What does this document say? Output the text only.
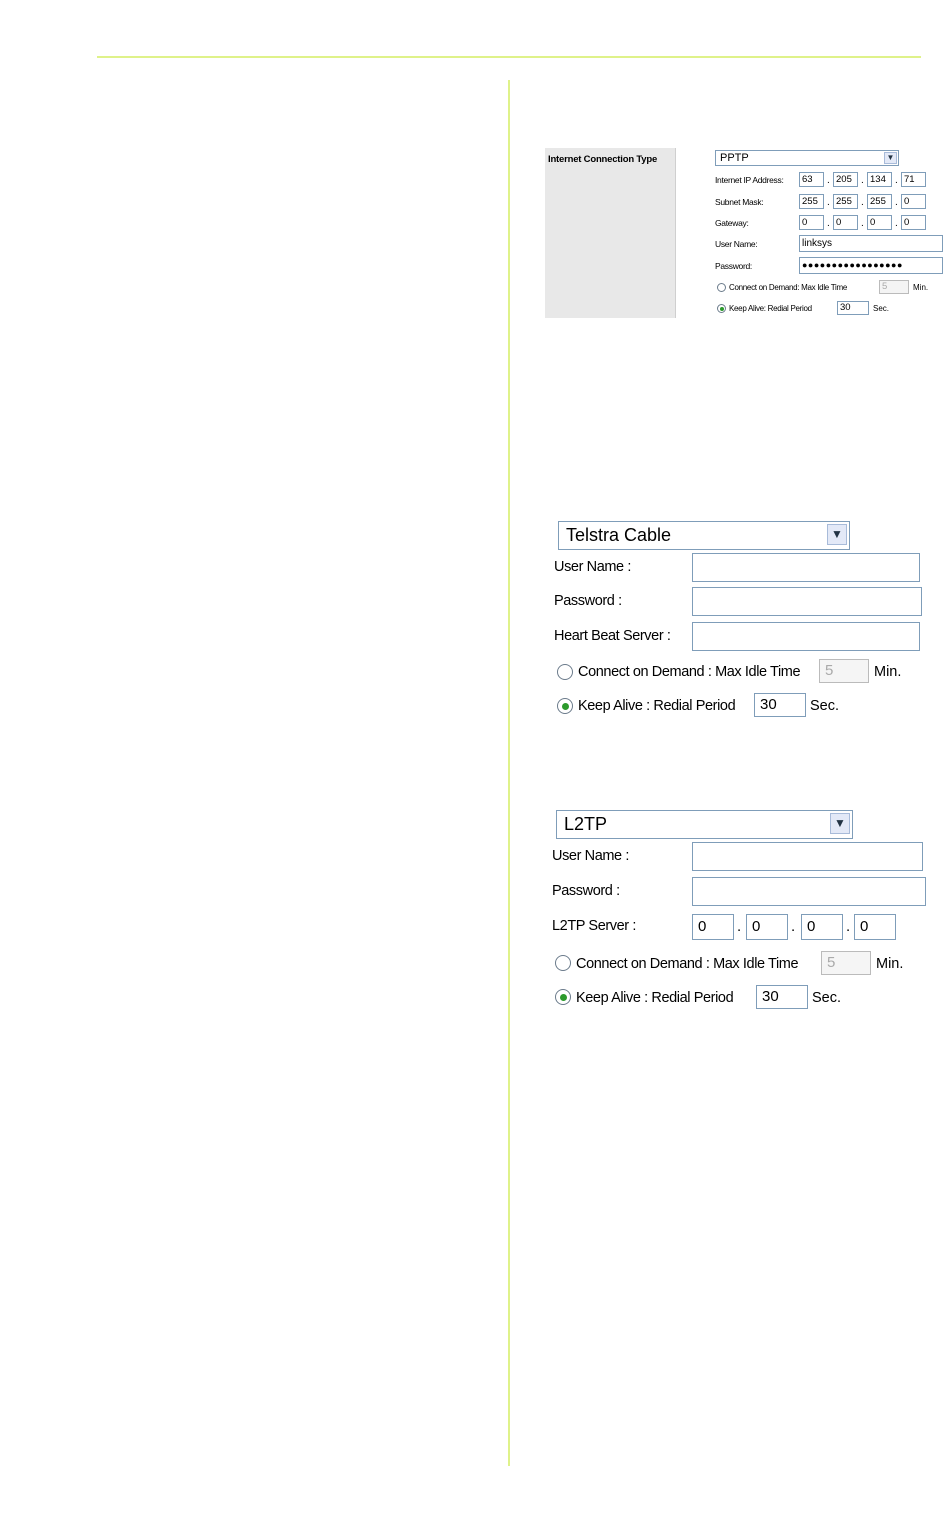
Internet Connection Type	PPTP	▼
Internet IP Address:	63	. 205 . 134 . 71
Subnet Mask:	255 . 255 . 255 . 0
Gateway:	0	. 0	. 0	. 0
User Name:	linksys
Password:	●●●●●●●●●●●●●●●●●
Connect on Demand: Max Idle Time	5	Min.
Keep Alive: Redial Period	30	Sec.
Telstra Cable	▼
User Name :
Password :
Heart Beat Server :
Connect on Demand : Max Idle Time	5	Min.
Keep Alive : Redial Period	30	Sec.
L2TP	▼
User Name :
Password :
L2TP Server :	0	. 0	. 0	. 0
Connect on Demand : Max Idle Time	5	Min.
Keep Alive : Redial Period	30	Sec.
